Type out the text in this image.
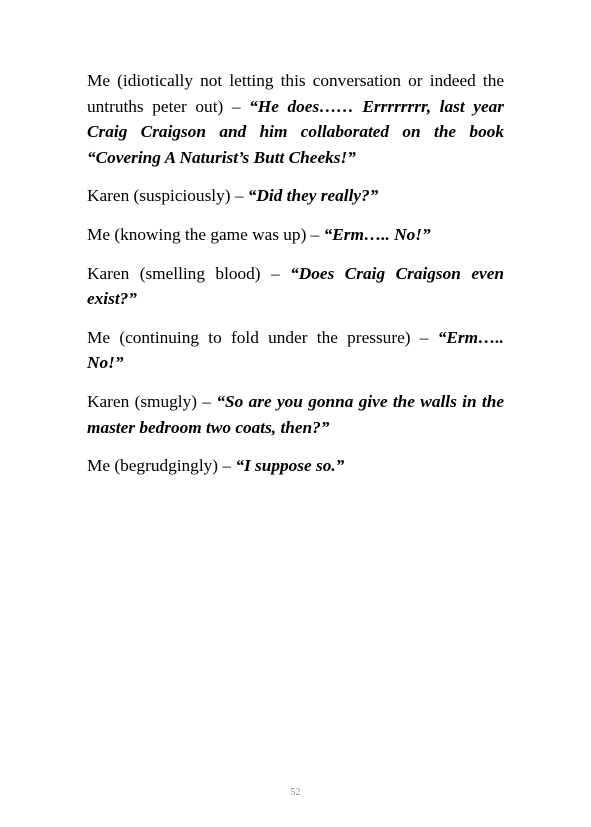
Me (idiotically not letting this conversation or indeed the untruths peter out) – “He does…… Errrrrrrr, last year Craig Craigson and him collaborated on the book “Covering A Naturist’s Butt Cheeks!”

Karen (suspiciously) – “Did they really?”

Me (knowing the game was up) – “Erm….. No!”

Karen (smelling blood) – “Does Craig Craigson even exist?”

Me (continuing to fold under the pressure) – “Erm….. No!”

Karen (smugly) – “So are you gonna give the walls in the master bedroom two coats, then?”

Me (begrudgingly) – “I suppose so.”

52
